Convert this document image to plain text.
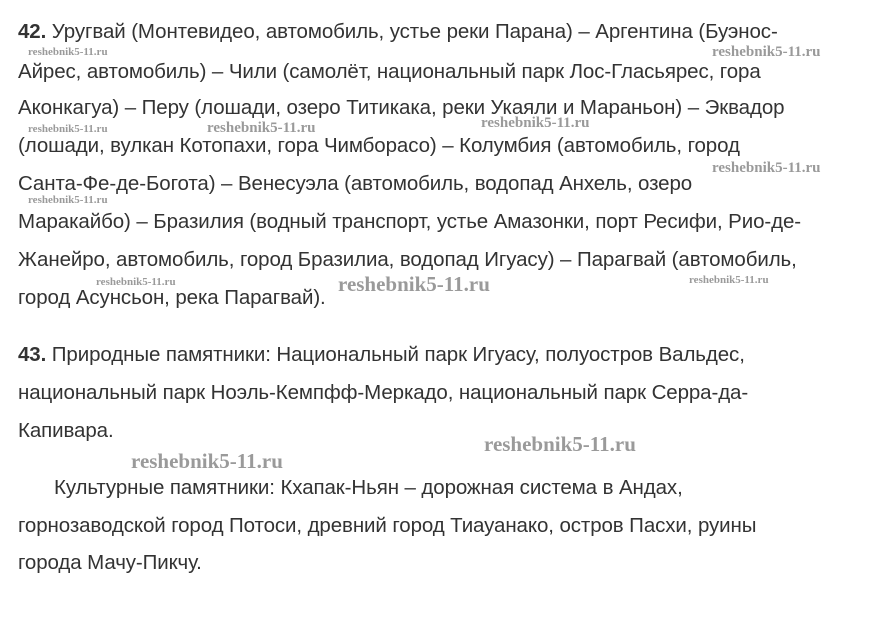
42. Уругвай (Монтевидео, автомобиль, устье реки Парана) – Аргентина (Буэнос-
Айрес, автомобиль) – Чили (самолёт, национальный парк Лос-Гласьярес, гора
Аконкагуа) – Перу (лошади, озеро Титикака, реки Укаяли и Мараньон) – Эквадор
(лошади, вулкан Котопахи, гора Чимборасо) – Колумбия (автомобиль, город
Санта-Фе-де-Богота) – Венесуэла (автомобиль, водопад Анхель, озеро
Маракайбо) – Бразилия (водный транспорт, устье Амазонки, порт Ресифи, Рио-де-
Жанейро, автомобиль, город Бразилиа, водопад Игуасу) – Парагвай (автомобиль,
город Асунсьон, река Парагвай).
43. Природные памятники: Национальный парк Игуасу, полуостров Вальдес,
национальный парк Ноэль-Кемпфф-Меркадо, национальный парк Серра-да-
Капивара.
Культурные памятники: Кхапак-Ньян – дорожная система в Андах,
горнозаводской город Потоси, древний город Тиауанако, остров Пасхи, руины
города Мачу-Пикчу.
reshebnik5-11.ru	reshebnik5-11.ru
reshebnik5-11.ru	reshebnik5-11.ru	reshebnik5-11.ru
reshebnik5-11.ru
reshebnik5-11.ru
reshebnik5-11.ru	reshebnik5-11.ru	reshebnik5-11.ru
reshebnik5-11.ru
reshebnik5-11.ru
